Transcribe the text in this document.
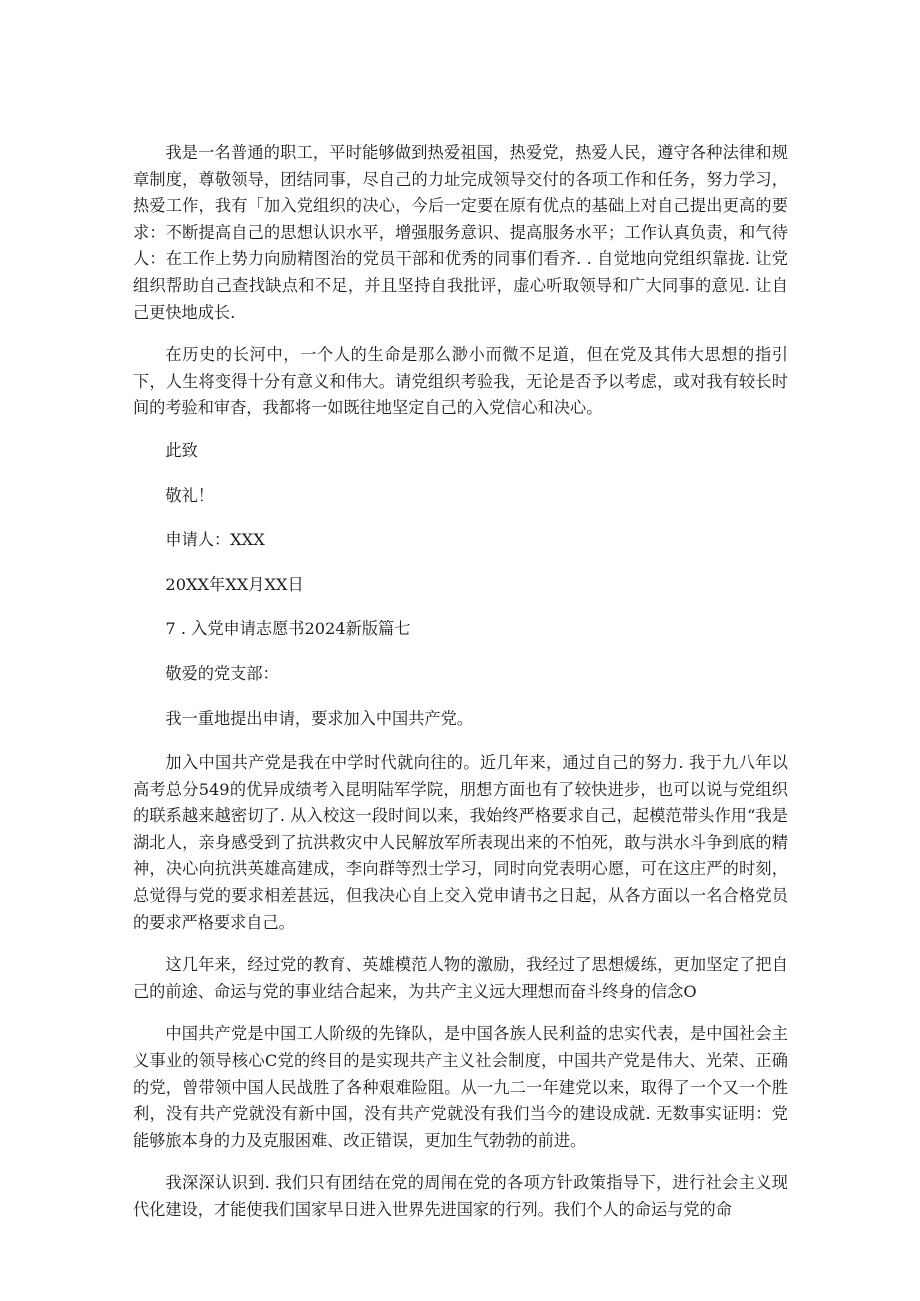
我是一名普通的职工，平时能够做到热爱祖国，热爱党，热爱人民，遵守各种法律和规章制度，尊敬领导，团结同事，尽自己的力址完成领导交付的各项工作和任务，努力学习，热爱工作，我有「加入党组织的决心，今后一定要在原有优点的基础上对自己提出更高的要求：不断提高自己的思想认识水平，增强服务意识、提高服务水平；工作认真负责，和气待人：在工作上势力向励精图治的党员干部和优秀的同事们看齐. . 自觉地向党组织靠拢. 让党组织帮助自己查找缺点和不足，并且坚持自我批评，虚心听取领导和广大同事的意见. 让自己更快地成长.

在历史的长河中，一个人的生命是那么渺小而微不足道，但在党及其伟大思想的指引下，人生将变得十分有意义和伟大。请党组织考验我，无论是否予以考虑，或对我有较长时间的考验和审杳，我都将一如既往地坚定自己的入党信心和决心。

此致

敬礼！

申请人：XXX

20XX年XX月XX日

7 . 入党申请志愿书2024新版篇七

敬爱的党支部：

我一重地提出申请，要求加入中国共产党。

加入中国共产党是我在中学时代就向往的。近几年来，通过自己的努力. 我于九八年以高考总分549的优异成绩考入昆明陆军学院，朋想方面也有了较快进步，也可以说与党组织的联系越来越密切了. 从入校这一段时间以来，我始终严格要求自己，起模范带头作用“我是湖北人，亲身感受到了抗洪救灾中人民解放军所表现出来的不怕死，敢与洪水斗争到底的精神，决心向抗洪英雄高建成，李向群等烈士学习，同时向党表明心愿，可在这庄严的时刻，总觉得与党的要求相差甚远，但我决心自上交入党申请书之日起，从各方面以一名合格党员的要求严格要求自己。

这几年来，经过党的教育、英雄模范人物的激励，我经过了思想煖练，更加坚定了把自己的前途、命运与党的事业结合起来，为共产主义远大理想而奋斗终身的信念O

中国共产党是中国工人阶级的先锋队，是中国各族人民利益的忠实代表，是中国社会主义事业的领导核心C党的终目的是实现共产主义社会制度，中国共产党是伟大、光荣、正确的党，曾带领中国人民战胜了各种艰难险阻。从一九二一年建党以来，取得了一个又一个胜利，没有共产党就没有新中国，没有共产党就没有我们当今的建设成就. 无数事实证明：党能够旅本身的力及克服困难、改正错误，更加生气勃勃的前进。

我深深认识到. 我们只有团结在党的周闱在党的各项方针政策指导下，进行社会主义现代化建设，才能使我们国家早日进入世界先进国家的行列。我们个人的命运与党的命
